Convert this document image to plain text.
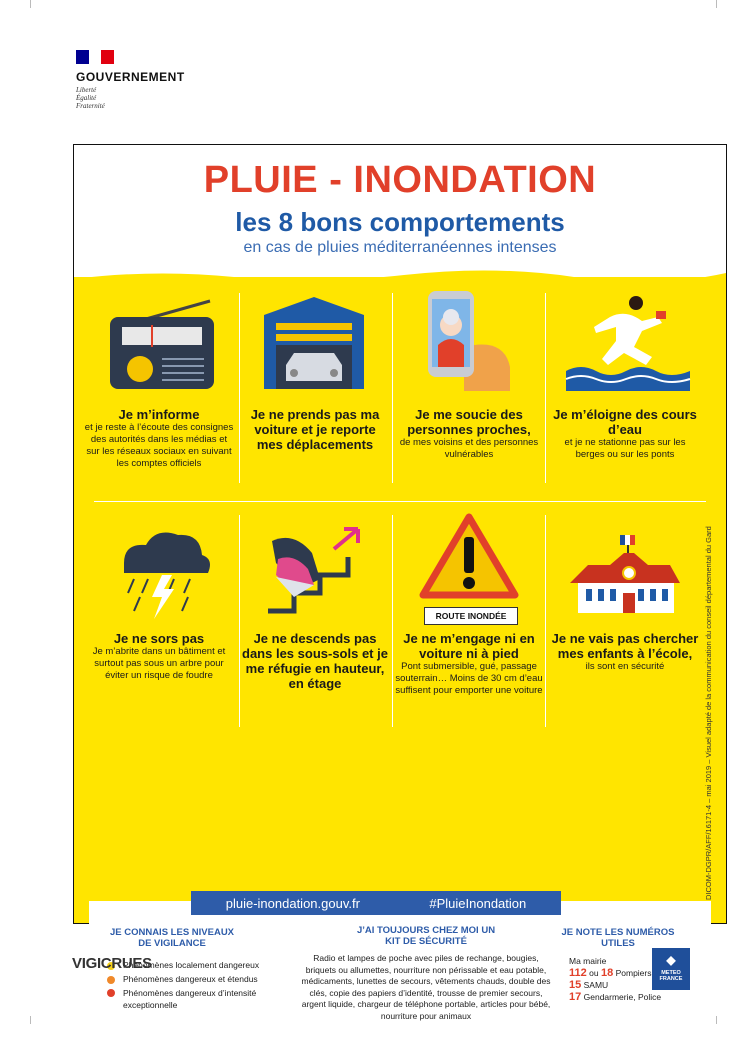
GOUVERNEMENT
Liberté
Égalité
Fraternité
PLUIE - INONDATION
les 8 bons comportements
en cas de pluies méditerranéennes intenses
Je m’informe
et je reste à l’écoute des consignes des autorités dans les médias et sur les réseaux sociaux en suivant les comptes officiels
Je ne prends pas ma voiture et je reporte mes déplacements
Je me soucie des personnes proches,
de mes voisins et des personnes vulnérables
Je m’éloigne des cours d’eau
et je ne stationne pas sur les berges ou sur les ponts
ROUTE INONDÉE
Je ne sors pas
Je m’abrite dans un bâtiment et surtout pas sous un arbre pour éviter un risque de foudre
Je ne descends pas dans les sous-sols et je me réfugie en hauteur, en étage
Je ne m’engage ni en voiture ni à pied
Pont submersible, gué, passage souterrain… Moins de 30 cm d’eau suffisent pour emporter une voiture
Je ne vais pas chercher mes enfants à l’école,
ils sont en sécurité
JE CONNAIS LES NIVEAUX DE VIGILANCE
Phénomènes localement dangereux
Phénomènes dangereux et étendus
Phénomènes dangereux d’intensité exceptionnelle
J’AI TOUJOURS CHEZ MOI UN KIT DE SÉCURITÉ
Radio et lampes de poche avec piles de rechange, bougies, briquets ou allumettes, nourriture non périssable et eau potable, médicaments, lunettes de secours, vêtements chauds, double des clés, copie des papiers d’identité, trousse de premier secours, argent liquide, chargeur de téléphone portable, articles pour bébé, nourriture pour animaux
JE NOTE LES NUMÉROS UTILES
Ma mairie
112 ou 18 Pompiers
15 SAMU
17 Gendarmerie, Police
pluie-inondation.gouv.fr	#PluieInondation
DICOM-DGPR/AFF/16171-4 – mai 2019 – Visuel adapté de la communication du conseil départemental du Gard
VIGICRUES	◆
METEO FRANCE
